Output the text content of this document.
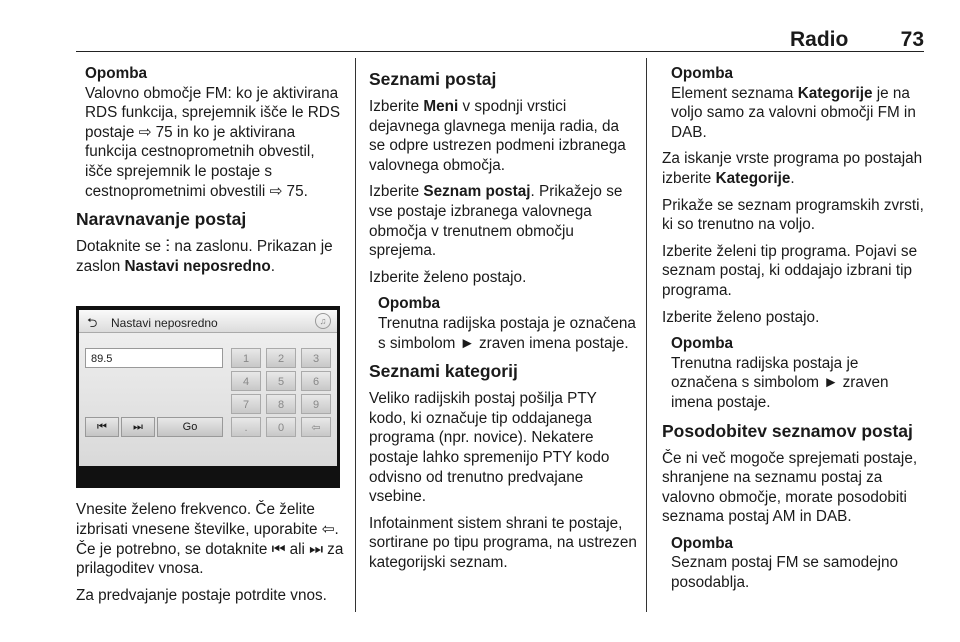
Radio 73
Opomba
Valovno območje FM: ko je aktivirana RDS funkcija, sprejemnik išče le RDS postaje ⇨ 75 in ko je aktivirana funkcija cestnoprometnih obvestil, išče sprejemnik le postaje s cestnoprometnimi obvestili ⇨ 75.
Naravnavanje postaj

Dotaknite se ⵗ na zaslonu. Prikazan je zaslon Nastavi neposredno.

⮌ Nastavi neposredno	♫
89.5	1	2	3
4	5	6
7	8	9
.	0	⇦
⏮	⏭	Go

Vnesite želeno frekvenco. Če želite izbrisati vnesene številke, uporabite ⇦. Če je potrebno, se dotaknite ⏮ ali ⏭ za prilagoditev vnosa.

Za predvajanje postaje potrdite vnos.

Seznami postaj

Izberite Meni v spodnji vrstici dejavnega glavnega menija radia, da se odpre ustrezen podmeni izbranega valovnega območja.

Izberite Seznam postaj. Prikažejo se vse postaje izbranega valovnega območja v trenutnem območju sprejema.

Izberite želeno postajo.

Opomba
Trenutna radijska postaja je označena s simbolom ► zraven imena postaje.
Seznami kategorij

Veliko radijskih postaj pošilja PTY kodo, ki označuje tip oddajanega programa (npr. novice). Nekatere postaje lahko spremenijo PTY kodo odvisno od trenutno predvajane vsebine.

Infotainment sistem shrani te postaje, sortirane po tipu programa, na ustrezen kategorijski seznam.

Opomba
Element seznama Kategorije je na voljo samo za valovni območji FM in DAB.

Za iskanje vrste programa po postajah izberite Kategorije.

Prikaže se seznam programskih zvrsti, ki so trenutno na voljo.

Izberite želeni tip programa. Pojavi se seznam postaj, ki oddajajo izbrani tip programa.

Izberite želeno postajo.

Opomba
Trenutna radijska postaja je označena s simbolom ► zraven imena postaje.
Posodobitev seznamov postaj

Če ni več mogoče sprejemati postaje, shranjene na seznamu postaj za valovno območje, morate posodobiti seznama postaj AM in DAB.

Opomba
Seznam postaj FM se samodejno posodablja.
